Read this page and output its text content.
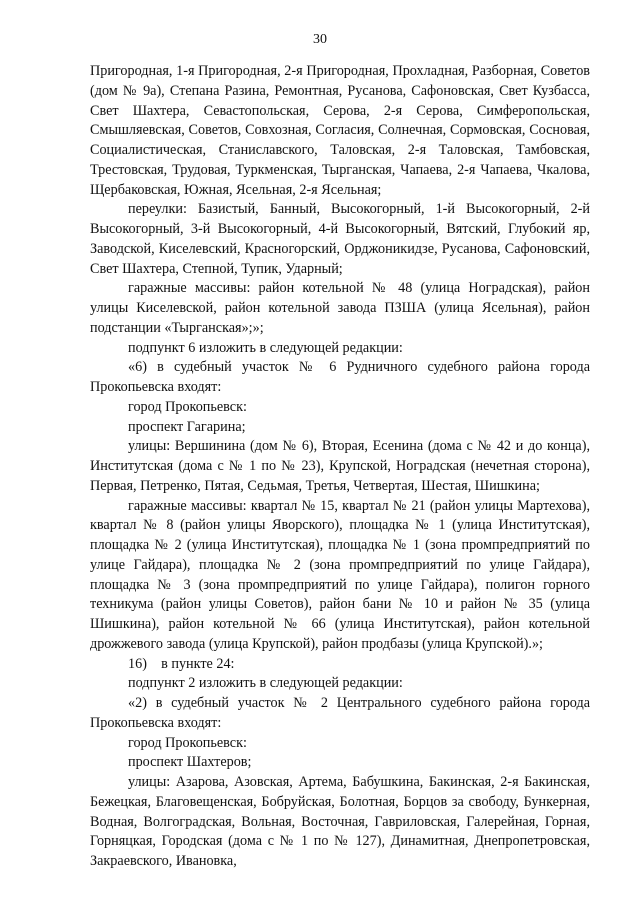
30

Пригородная, 1-я Пригородная, 2-я Пригородная, Прохладная, Разборная, Советов (дом № 9а), Степана Разина, Ремонтная, Русанова, Сафоновская, Свет Кузбасса, Свет Шахтера, Севастопольская, Серова, 2-я Серова, Симферопольская, Смышляевская, Советов, Совхозная, Согласия, Солнечная, Сормовская, Сосновая, Социалистическая, Станиславского, Таловская, 2-я Таловская, Тамбовская, Трестовская, Трудовая, Туркменская, Тырганская, Чапаева, 2-я Чапаева, Чкалова, Щербаковская, Южная, Ясельная, 2-я Ясельная;

переулки: Базистый, Банный, Высокогорный, 1-й Высокогорный, 2-й Высокогорный, 3-й Высокогорный, 4-й Высокогорный, Вятский, Глубокий яр, Заводской, Киселевский, Красногорский, Орджоникидзе, Русанова, Сафоновский, Свет Шахтера, Степной, Тупик, Ударный;

гаражные массивы: район котельной № 48 (улица Ноградская), район улицы Киселевской, район котельной завода ПЗША (улица Ясельная), район подстанции «Тырганская»;»;

подпункт 6 изложить в следующей редакции:

«6) в судебный участок № 6 Рудничного судебного района города Прокопьевска входят:

город Прокопьевск:

проспект Гагарина;

улицы: Вершинина (дом № 6), Вторая, Есенина (дома с № 42 и до конца), Институтская (дома с № 1 по № 23), Крупской, Ноградская (нечетная сторона), Первая, Петренко, Пятая, Седьмая, Третья, Четвертая, Шестая, Шишкина;

гаражные массивы: квартал № 15, квартал № 21 (район улицы Мартехова), квартал № 8 (район улицы Яворского), площадка № 1 (улица Институтская), площадка № 2 (улица Институтская), площадка № 1 (зона промпредприятий по улице Гайдара), площадка № 2 (зона промпредприятий по улице Гайдара), площадка № 3 (зона промпредприятий по улице Гайдара), полигон горного техникума (район улицы Советов), район бани № 10 и район № 35 (улица Шишкина), район котельной № 66 (улица Институтская), район котельной дрожжевого завода (улица Крупской), район продбазы (улица Крупской).»;

16)    в пункте 24:

подпункт 2 изложить в следующей редакции:

«2) в судебный участок № 2 Центрального судебного района города Прокопьевска входят:

город Прокопьевск:

проспект Шахтеров;

улицы: Азарова, Азовская, Артема, Бабушкина, Бакинская, 2-я Бакинская, Бежецкая, Благовещенская, Бобруйская, Болотная, Борцов за свободу, Бункерная, Водная, Волгоградская, Вольная, Восточная, Гавриловская, Галерейная, Горная, Горняцкая, Городская (дома с № 1 по № 127), Динамитная, Днепропетровская, Закраевского, Ивановка,
